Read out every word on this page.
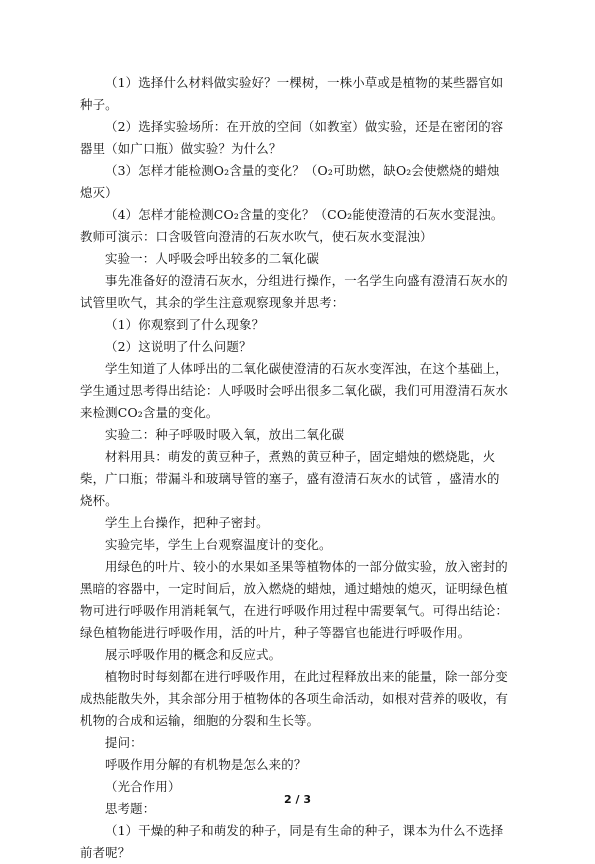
（1）选择什么材料做实验好？一棵树，一株小草或是植物的某些器官如种子。

（2）选择实验场所：在开放的空间（如教室）做实验，还是在密闭的容器里（如广口瓶）做实验？为什么？

（3）怎样才能检测O₂含量的变化？（O₂可助燃，缺O₂会使燃烧的蜡烛熄灭）

（4）怎样才能检测CO₂含量的变化？（CO₂能使澄清的石灰水变混浊。教师可演示：口含吸管向澄清的石灰水吹气，使石灰水变混浊）

实验一：人呼吸会呼出较多的二氧化碳

事先准备好的澄清石灰水，分组进行操作，一名学生向盛有澄清石灰水的试管里吹气，其余的学生注意观察现象并思考：

（1）你观察到了什么现象？

（2）这说明了什么问题？

学生知道了人体呼出的二氧化碳使澄清的石灰水变浑浊，在这个基础上，学生通过思考得出结论：人呼吸时会呼出很多二氧化碳，我们可用澄清石灰水来检测CO₂含量的变化。

实验二：种子呼吸时吸入氧，放出二氧化碳

材料用具：萌发的黄豆种子，煮熟的黄豆种子，固定蜡烛的燃烧匙，火柴，广口瓶；带漏斗和玻璃导管的塞子，盛有澄清石灰水的试管 ，盛清水的烧杯。

学生上台操作，把种子密封。

实验完毕，学生上台观察温度计的变化。

用绿色的叶片、较小的水果如圣果等植物体的一部分做实验，放入密封的黑暗的容器中，一定时间后，放入燃烧的蜡烛，通过蜡烛的熄灭，证明绿色植物可进行呼吸作用消耗氧气，在进行呼吸作用过程中需要氧气。可得出结论：绿色植物能进行呼吸作用，活的叶片，种子等器官也能进行呼吸作用。

展示呼吸作用的概念和反应式。

植物时时每刻都在进行呼吸作用，在此过程释放出来的能量，除一部分变成热能散失外，其余部分用于植物体的各项生命活动，如根对营养的吸收，有机物的合成和运输，细胞的分裂和生长等。

提问：

呼吸作用分解的有机物是怎么来的？

（光合作用）

思考题：

（1）干燥的种子和萌发的种子，同是有生命的种子，课本为什么不选择前者呢？

2 / 3
